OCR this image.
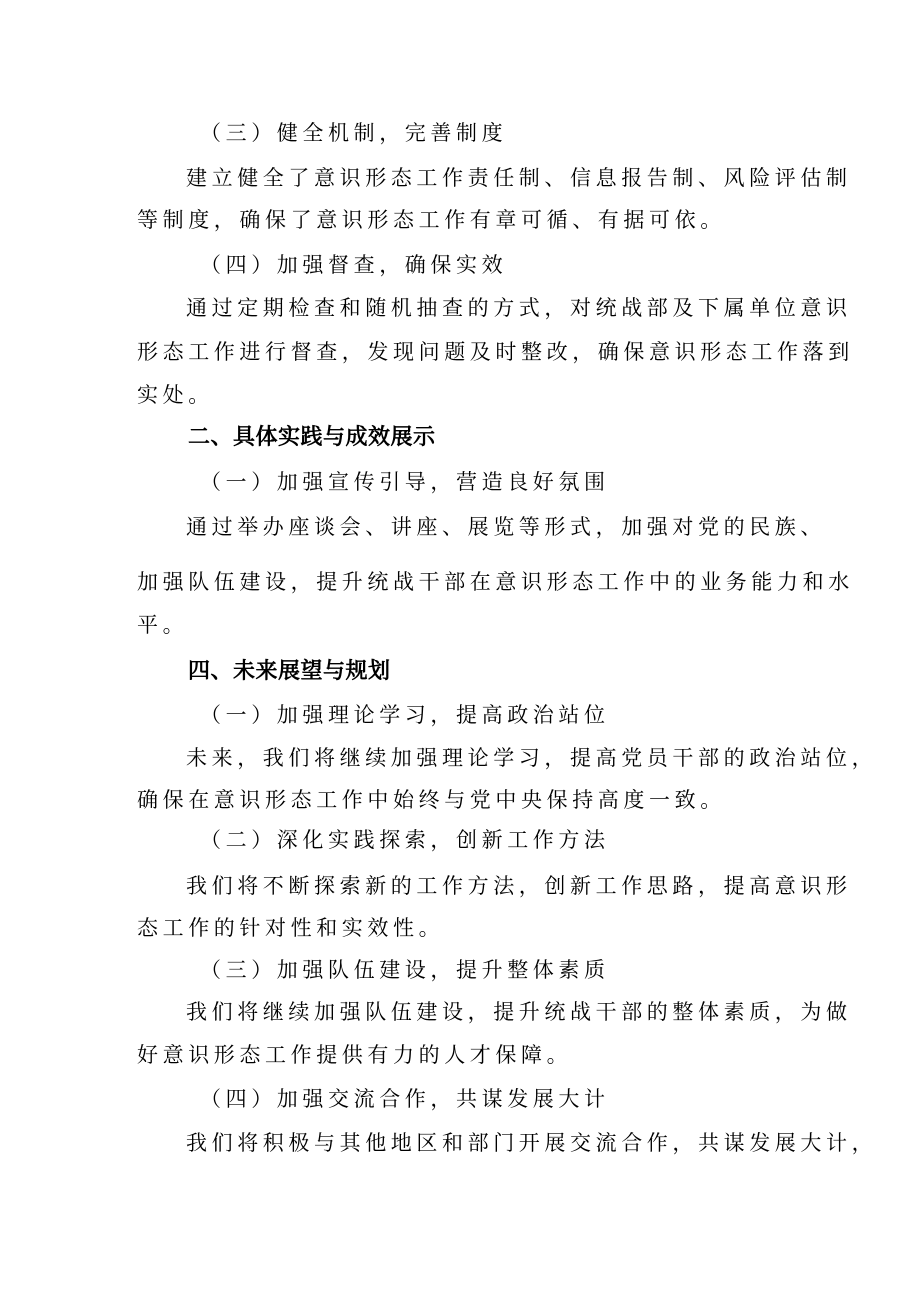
（三）健全机制，完善制度
建立健全了意识形态工作责任制、信息报告制、风险评估制
等制度，确保了意识形态工作有章可循、有据可依。
（四）加强督查，确保实效
通过定期检查和随机抽查的方式，对统战部及下属单位意识
形态工作进行督查，发现问题及时整改，确保意识形态工作落到
实处。
二、具体实践与成效展示
（一）加强宣传引导，营造良好氛围
通过举办座谈会、讲座、展览等形式，加强对党的民族、
加强队伍建设，提升统战干部在意识形态工作中的业务能力和水
平。
四、未来展望与规划
（一）加强理论学习，提高政治站位
未来，我们将继续加强理论学习，提高党员干部的政治站位，
确保在意识形态工作中始终与党中央保持高度一致。
（二）深化实践探索，创新工作方法
我们将不断探索新的工作方法，创新工作思路，提高意识形
态工作的针对性和实效性。
（三）加强队伍建设，提升整体素质
我们将继续加强队伍建设，提升统战干部的整体素质，为做
好意识形态工作提供有力的人才保障。
（四）加强交流合作，共谋发展大计
我们将积极与其他地区和部门开展交流合作，共谋发展大计，
